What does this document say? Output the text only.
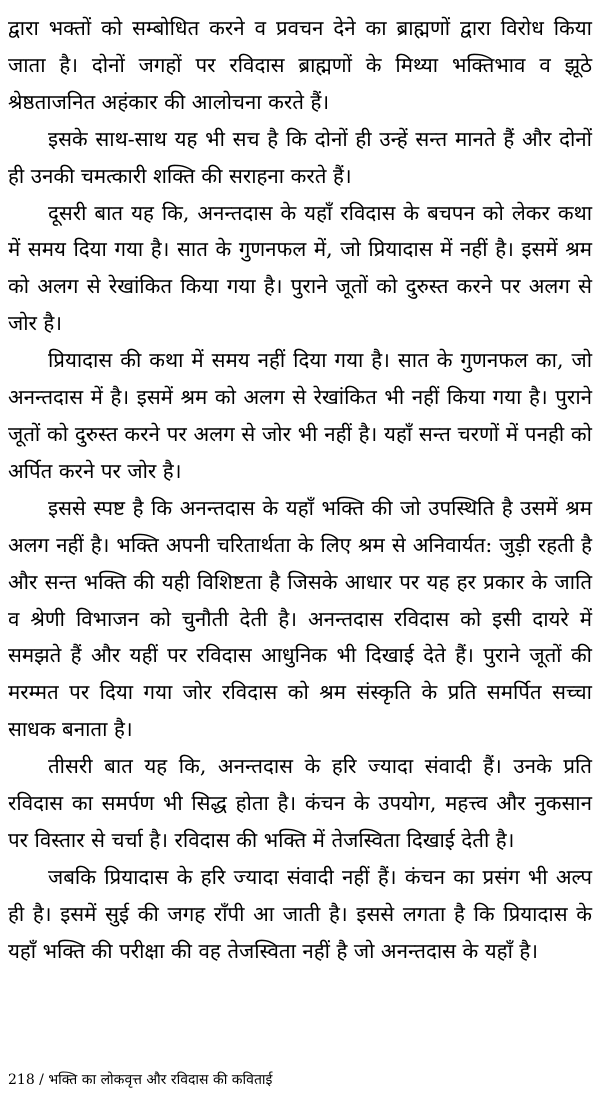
द्वारा भक्तों को सम्बोधित करने व प्रवचन देने का ब्राह्मणों द्वारा विरोध किया जाता है। दोनों जगहों पर रविदास ब्राह्मणों के मिथ्या भक्तिभाव व झूठे श्रेष्ठताजनित अहंकार की आलोचना करते हैं।

इसके साथ-साथ यह भी सच है कि दोनों ही उन्हें सन्त मानते हैं और दोनों ही उनकी चमत्कारी शक्ति की सराहना करते हैं।

दूसरी बात यह कि, अनन्तदास के यहाँ रविदास के बचपन को लेकर कथा में समय दिया गया है। सात के गुणनफल में, जो प्रियादास में नहीं है। इसमें श्रम को अलग से रेखांकित किया गया है। पुराने जूतों को दुरुस्त करने पर अलग से जोर है।

प्रियादास की कथा में समय नहीं दिया गया है। सात के गुणनफल का, जो अनन्तदास में है। इसमें श्रम को अलग से रेखांकित भी नहीं किया गया है। पुराने जूतों को दुरुस्त करने पर अलग से जोर भी नहीं है। यहाँ सन्त चरणों में पनही को अर्पित करने पर जोर है।

इससे स्पष्ट है कि अनन्तदास के यहाँ भक्ति की जो उपस्थिति है उसमें श्रम अलग नहीं है। भक्ति अपनी चरितार्थता के लिए श्रम से अनिवार्यत: जुड़ी रहती है और सन्त भक्ति की यही विशिष्टता है जिसके आधार पर यह हर प्रकार के जाति व श्रेणी विभाजन को चुनौती देती है। अनन्तदास रविदास को इसी दायरे में समझते हैं और यहीं पर रविदास आधुनिक भी दिखाई देते हैं। पुराने जूतों की मरम्मत पर दिया गया जोर रविदास को श्रम संस्कृति के प्रति समर्पित सच्चा साधक बनाता है।

तीसरी बात यह कि, अनन्तदास के हरि ज्यादा संवादी हैं। उनके प्रति रविदास का समर्पण भी सिद्ध होता है। कंचन के उपयोग, महत्त्व और नुकसान पर विस्तार से चर्चा है। रविदास की भक्ति में तेजस्विता दिखाई देती है।

जबकि प्रियादास के हरि ज्यादा संवादी नहीं हैं। कंचन का प्रसंग भी अल्प ही है। इसमें सुई की जगह राँपी आ जाती है। इससे लगता है कि प्रियादास के यहाँ भक्ति की परीक्षा की वह तेजस्विता नहीं है जो अनन्तदास के यहाँ है।

218 / भक्ति का लोकवृत्त और रविदास की कविताई
